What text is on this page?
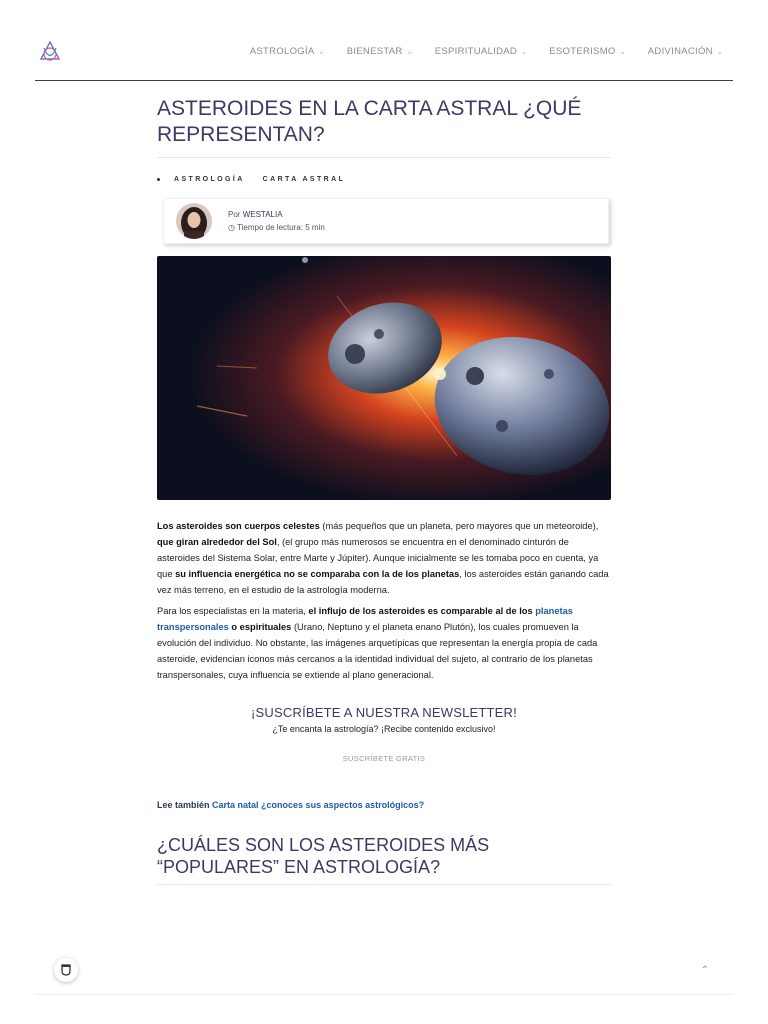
ASTROLOGÍA ⌄ BIENESTAR ⌄ ESPIRITUALIDAD ⌄ ESOTERISMO ⌄ ADIVINACIÓN ⌄
ASTEROIDES EN LA CARTA ASTRAL ¿QUÉ REPRESENTAN?
ASTROLOGÍA	CARTA ASTRAL
Por WESTALIA
◷ Tiempo de lectura: 5 min

Los asteroides son cuerpos celestes (más pequeños que un planeta, pero mayores que un meteoroide), que giran alrededor del Sol, (el grupo más numerosos se encuentra en el denominado cinturón de asteroides del Sistema Solar, entre Marte y Júpiter). Aunque inicialmente se les tomaba poco en cuenta, ya que su influencia energética no se comparaba con la de los planetas, los asteroides están ganando cada vez más terreno, en el estudio de la astrología moderna.

Para los especialistas en la materia, el influjo de los asteroides es comparable al de los planetas transpersonales o espirituales (Urano, Neptuno y el planeta enano Plutón), los cuales promueven la evolución del individuo. No obstante, las imágenes arquetípicas que representan la energía propia de cada asteroide, evidencian iconos más cercanos a la identidad individual del sujeto, al contrario de los planetas transpersonales, cuya influencia se extiende al plano generacional.

¡SUSCRÍBETE A NUESTRA NEWSLETTER!
¿Te encanta la astrología? ¡Recibe contenido exclusivo!
SUSCRÍBETE GRATIS
Lee también Carta natal ¿conoces sus aspectos astrológicos?
¿CUÁLES SON LOS ASTEROIDES MÁS “POPULARES” EN ASTROLOGÍA?
⌃
